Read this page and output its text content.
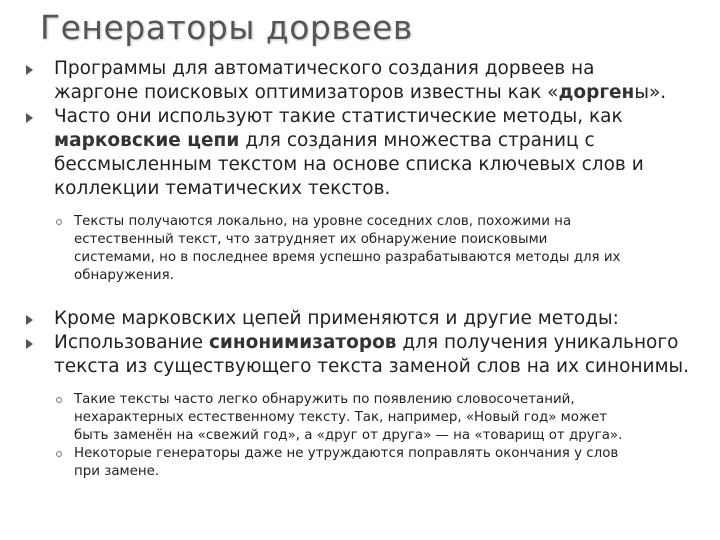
Генераторы дорвеев
Программы для автоматического создания дорвеев на
жаргоне поисковых оптимизаторов известны как «доргены».
Часто они используют такие статистические методы, как
марковские цепи для создания множества страниц с
бессмысленным текстом на основе списка ключевых слов и
коллекции тематических текстов.
Тексты получаются локально, на уровне соседних слов, похожими на
естественный текст, что затрудняет их обнаружение поисковыми
системами, но в последнее время успешно разрабатываются методы для их
обнаружения.
Кроме марковских цепей применяются и другие методы:
Использование синонимизаторов для получения уникального
текста из существующего текста заменой слов на их синонимы.
Такие тексты часто легко обнаружить по появлению словосочетаний,
нехарактерных естественному тексту. Так, например, «Новый год» может
быть заменён на «свежий год», а «друг от друга» — на «товарищ от друга».
Некоторые генераторы даже не утруждаются поправлять окончания у слов
при замене.
